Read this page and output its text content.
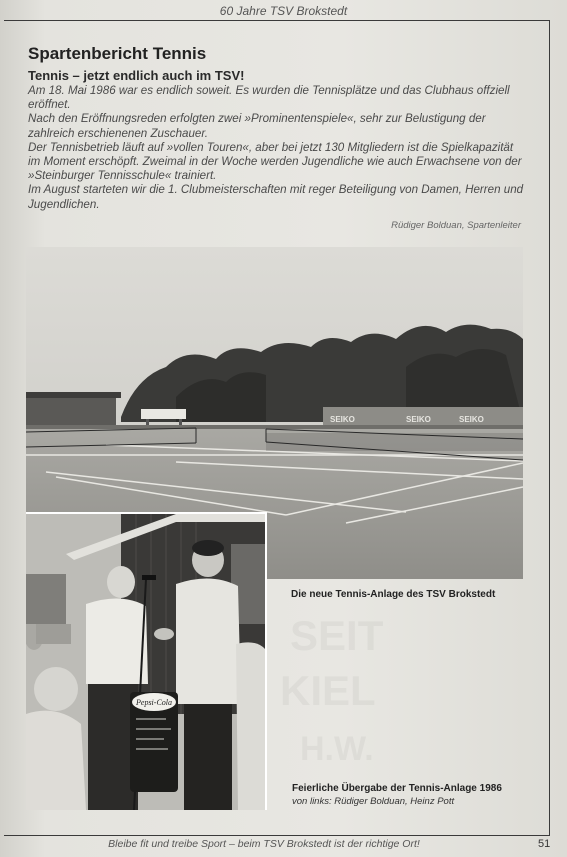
60 Jahre TSV Brokstedt
Spartenbericht Tennis
Tennis – jetzt endlich auch im TSV!

Am 18. Mai 1986 war es endlich soweit. Es wurden die Tennisplätze und das Clubhaus offziell eröffnet.

Nach den Eröffnungsreden erfolgten zwei »Prominentenspiele«, sehr zur Belustigung der zahlreich erschienenen Zuschauer.

Der Tennisbetrieb läuft auf »vollen Touren«, aber bei jetzt 130 Mitgliedern ist die Spielkapazität im Moment erschöpft. Zweimal in der Woche werden Jugendliche wie auch Erwachsene von der »Steinburger Tennisschule« trainiert.

Im August starteten wir die 1. Clubmeisterschaften mit reger Beteiligung von Damen, Herren und Jugendlichen.

Rüdiger Bolduan, Spartenleiter
SEIKO	SEIKO	SEIKO
Pepsi-Cola
Die neue Tennis-Anlage des TSV Brokstedt
Feierliche Übergabe der Tennis-Anlage 1986
von links: Rüdiger Bolduan, Heinz Pott
Bleibe fit und treibe Sport – beim TSV Brokstedt ist der richtige Ort!	51
